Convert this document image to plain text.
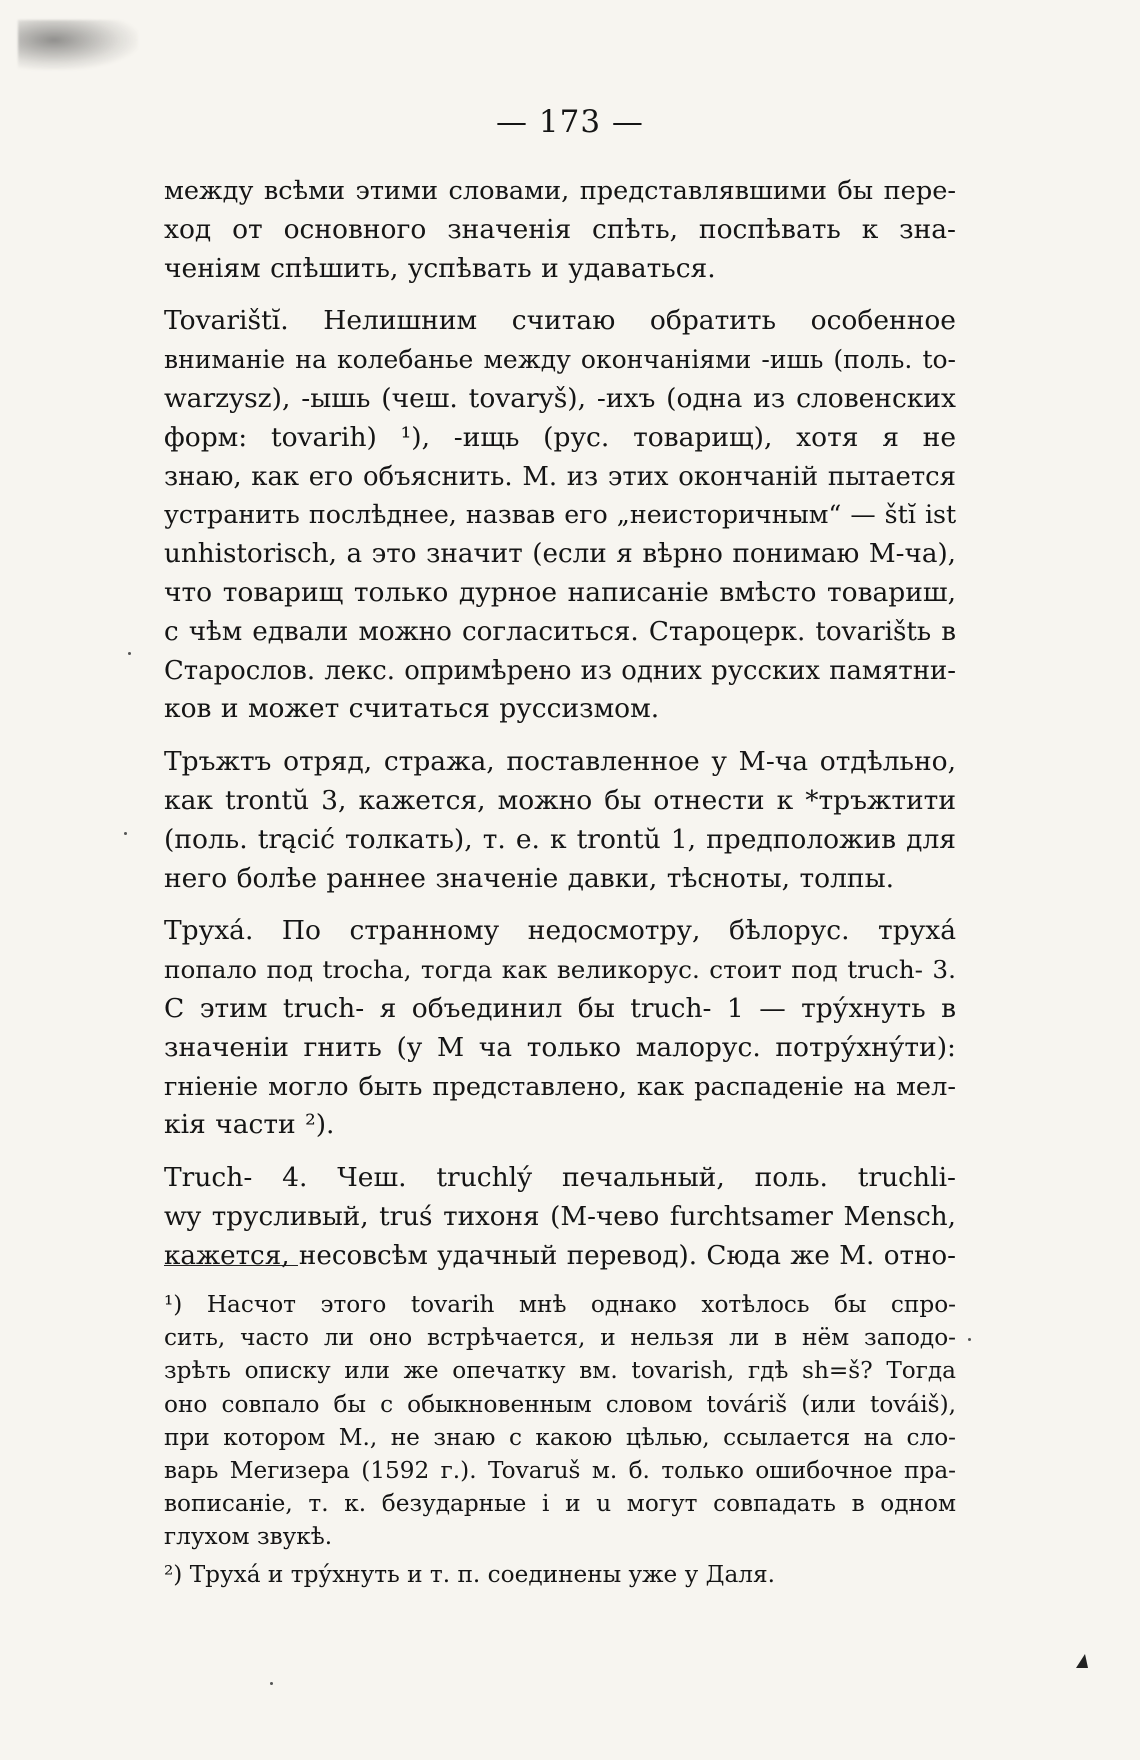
— 173 —

между всѣми этими словами, представлявшими бы пере-
ход от основного значенія спѣть, поспѣвать к зна-
ченіям спѣшить, успѣвать и удаваться.

Tovarištĭ. Нелишним считаю обратить особенное
вниманіе на колебанье между окончаніями -ишь (поль. to-
warzysz), -ышь (чеш. tovaryš), -ихъ (одна из словенских
форм: tovarih) ¹), -ищь (рус. товарищ), хотя я не
знаю, как его объяснить. М. из этих окончаній пытается
устранить послѣднее, назвав его „неисторичным“ — štĭ ist
unhistorisch, а это значит (если я вѣрно понимаю М-ча),
что товарищ только дурное написаніе вмѣсто товариш,
с чѣм едвали можно согласиться. Староцерк. tovarištь в
Старослов. лекс. опримѣрено из одних русских памятни-
ков и может считаться руссизмом.

Тръжтъ отряд, стража, поставленное у М-ча отдѣльно,
как trontŭ 3, кажется, можно бы отнести к *тръжтити
(поль. trącić толкать), т. е. к trontŭ 1, предположив для
него болѣе раннее значеніе давки, тѣсноты, толпы.

Труха́. По странному недосмотру, бѣлорус. труха́
попало под trocha, тогда как великорус. стоит под truch- 3.
С этим truch- я объединил бы truch- 1 — тру́хнуть в
значеніи гнить (у М ча только малорус. потру́хну́ти):
гніеніе могло быть представлено, как распаденіе на мел-
кія части ²).

Truch- 4. Чеш. truchlý печальный, поль. truchli-
wy трусливый, truś тихоня (М-чево furchtsamer Mensch,
кажется, несовсѣм удачный перевод). Сюда же М. отно-

¹) Насчот этого tovarih мнѣ однако хотѣлось бы спро-
сить, часто ли оно встрѣчается, и нельзя ли в нём заподо-
зрѣть описку или же опечатку вм. tovarish, гдѣ sh=š? Тогда
оно совпало бы с обыкновенным словом továrіš (или továіš),
при котором М., не знаю с какою цѣлью, ссылается на сло-
варь Мегизера (1592 г.). Tovaruš м. б. только ошибочное пра-
вописаніе, т. к. безударные і и u могут совпадать в одном
глухом звукѣ.

²) Труха́ и тру́хнуть и т. п. соединены уже у Даля.
